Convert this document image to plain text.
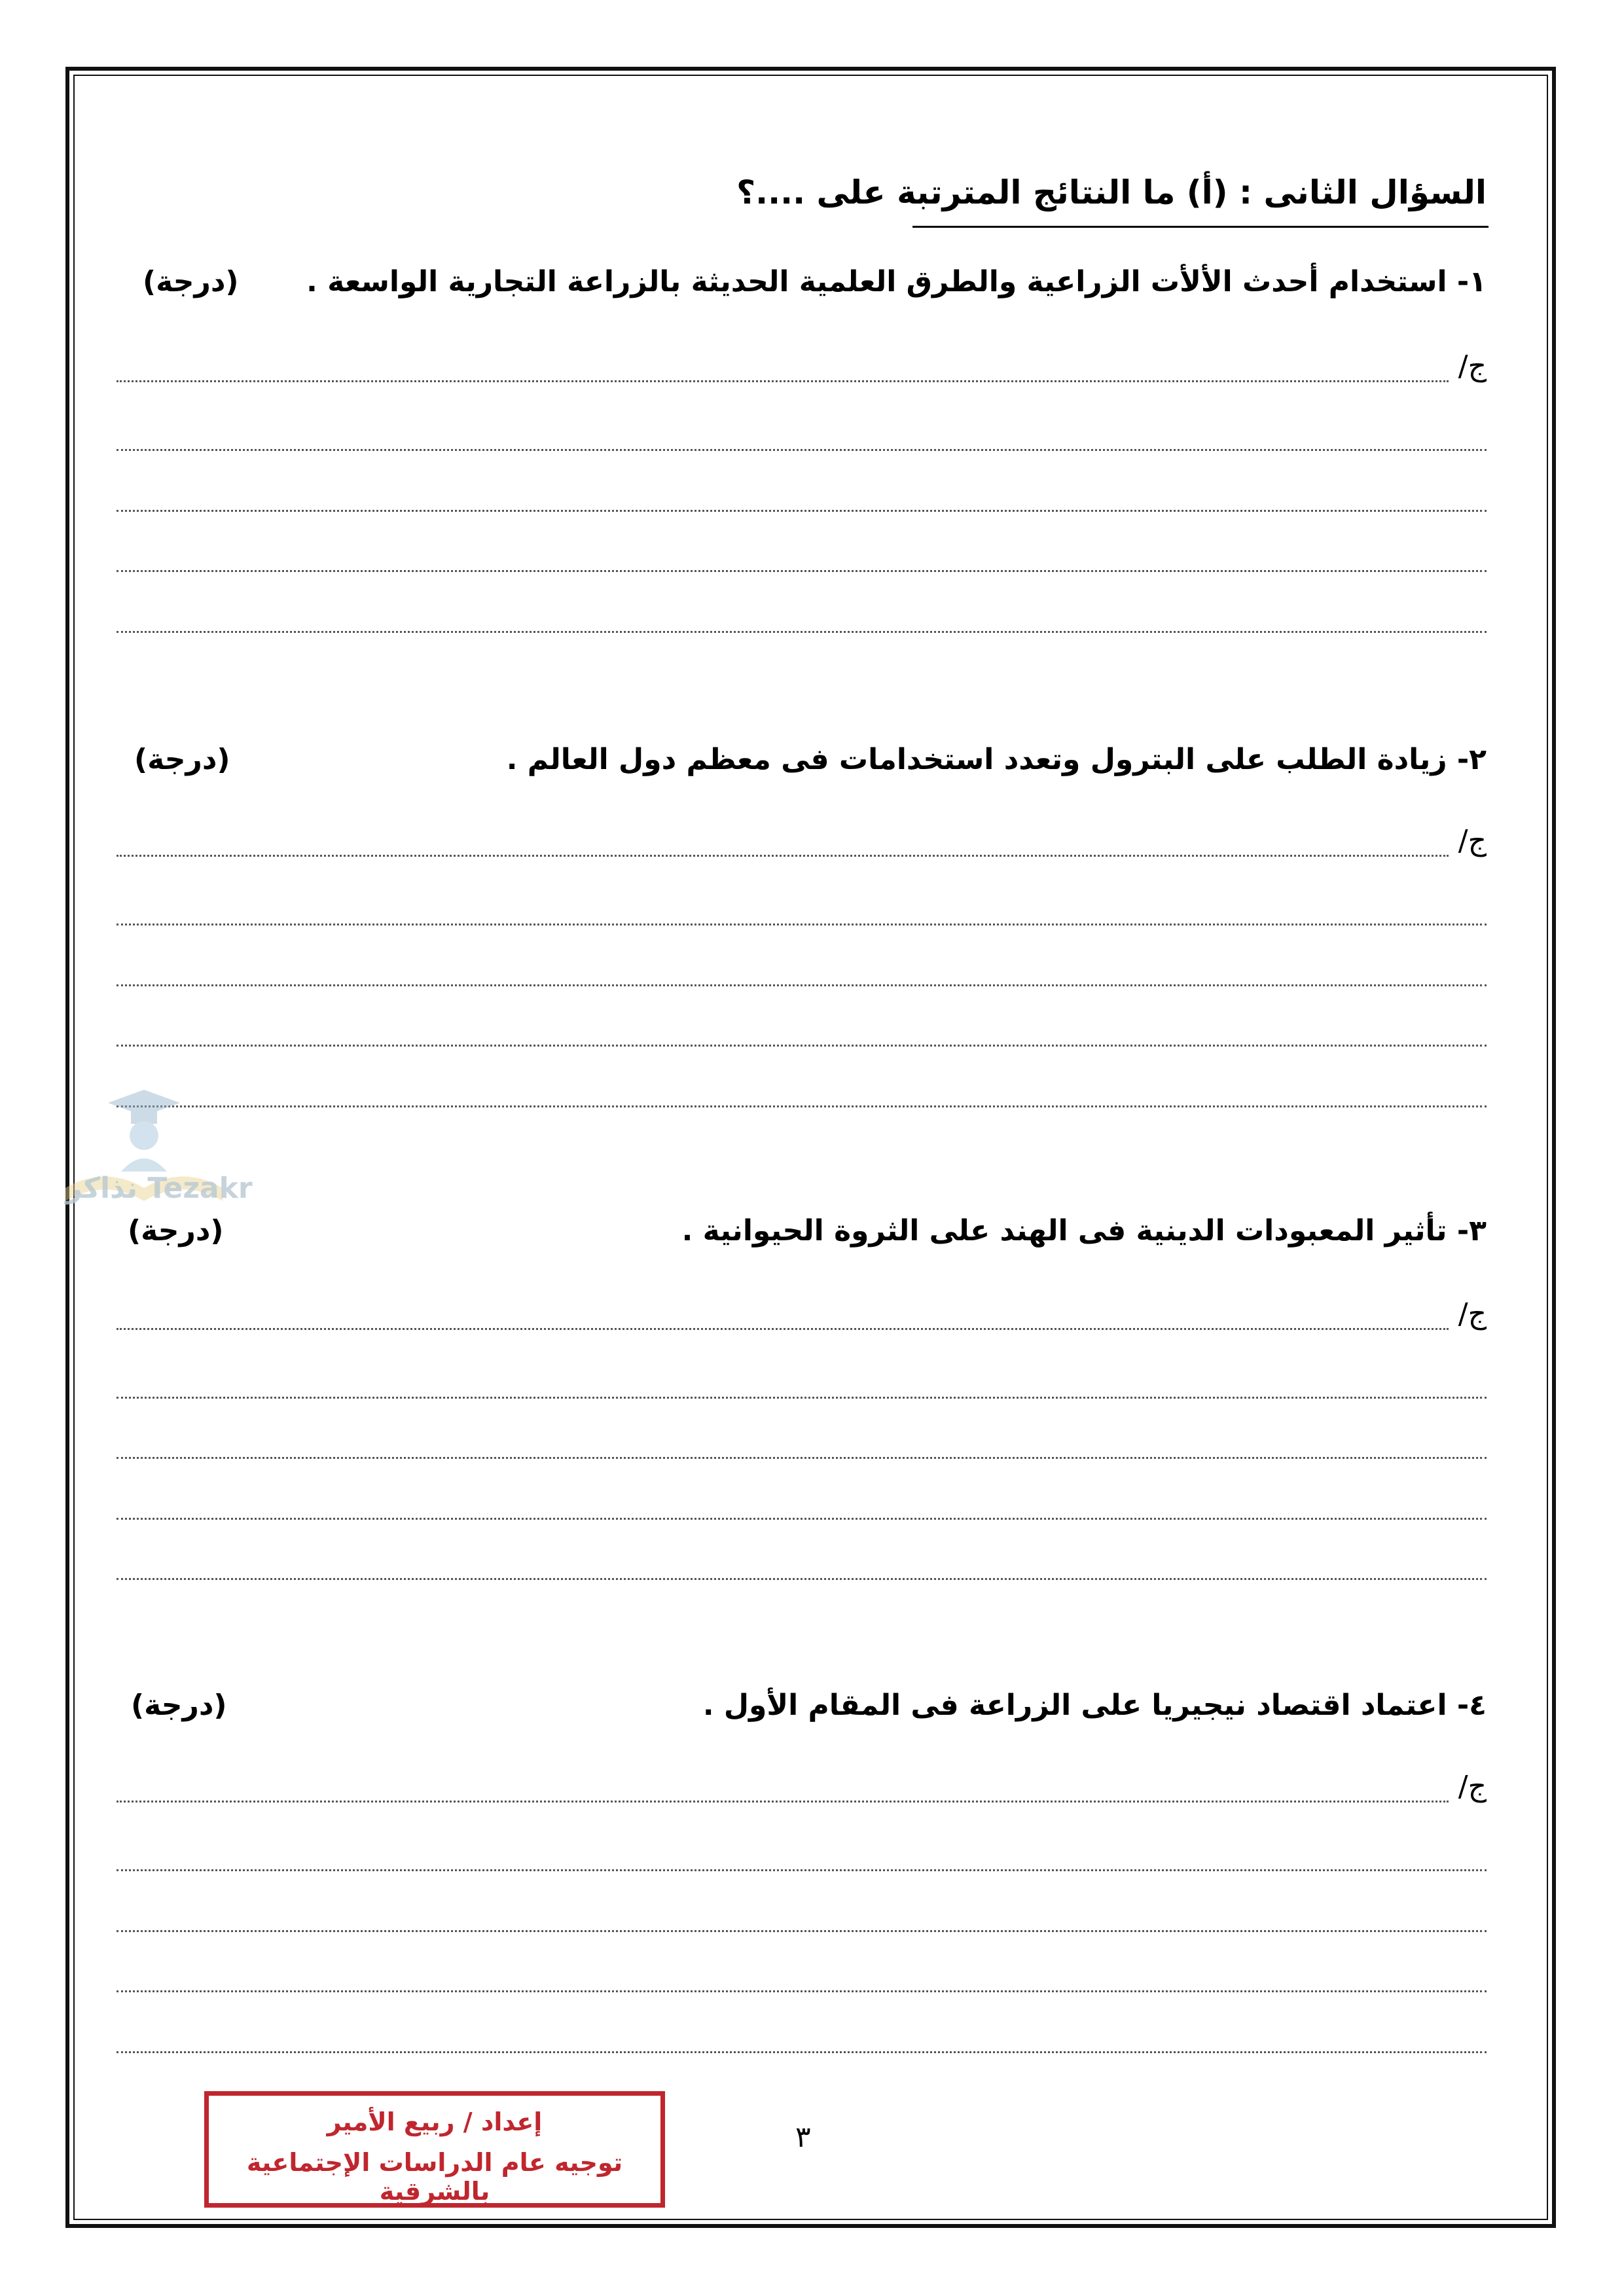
السؤال الثانى : (أ) ما النتائج المترتبة على ....؟
١- استخدام أحدث الألأت الزراعية والطرق العلمية الحديثة بالزراعة التجارية الواسعة .
(درجة)
ج/
٢- زيادة الطلب على البترول وتعدد استخدامات فى معظم دول العالم .
(درجة)
ج/
نذاكر Tezakr
٣- تأثير المعبودات الدينية فى الهند على الثروة الحيوانية .
(درجة)
ج/
٤- اعتماد اقتصاد نيجيريا على الزراعة فى المقام الأول .
(درجة)
ج/
٣
إعداد / ربيع الأمير
توجيه عام الدراسات الإجتماعية بالشرقية
